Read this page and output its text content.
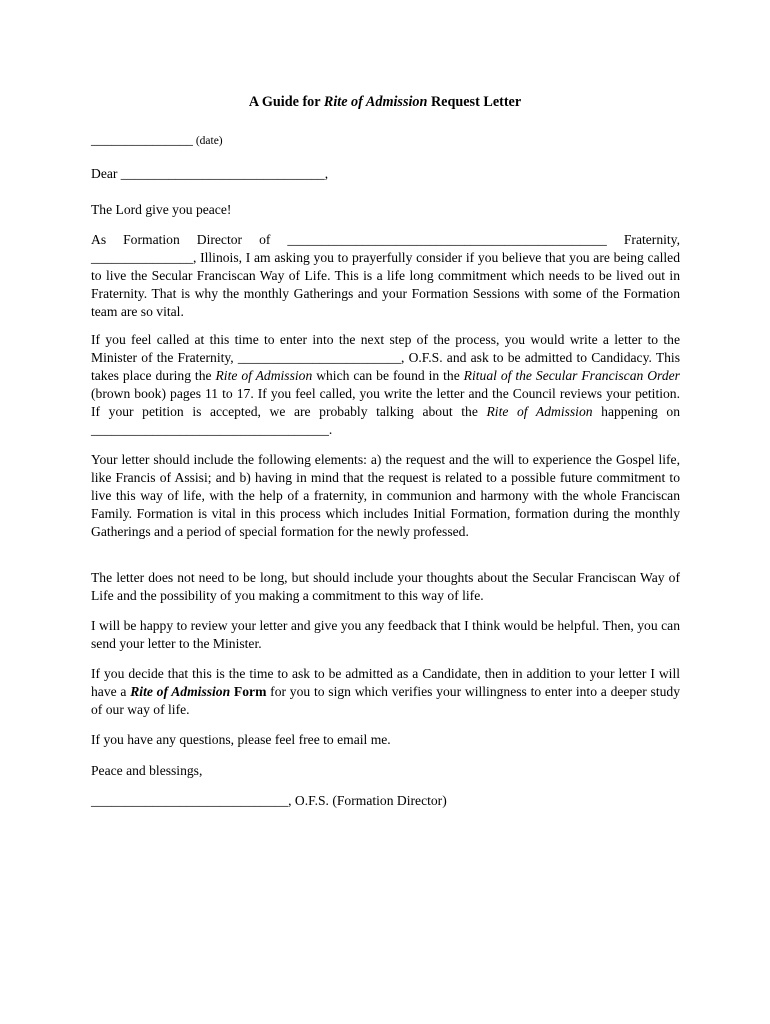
A Guide for Rite of Admission Request Letter
_______________ (date)
Dear ______________________________,
The Lord give you peace!

As Formation Director of _______________________________________________ Fraternity, _______________, Illinois, I am asking you to prayerfully consider if you believe that you are being called to live the Secular Franciscan Way of Life. This is a life long commitment which needs to be lived out in Fraternity. That is why the monthly Gatherings and your Formation Sessions with some of the Formation team are so vital.

If you feel called at this time to enter into the next step of the process, you would write a letter to the Minister of the Fraternity, ________________________, O.F.S. and ask to be admitted to Candidacy. This takes place during the Rite of Admission which can be found in the Ritual of the Secular Franciscan Order (brown book) pages 11 to 17. If you feel called, you write the letter and the Council reviews your petition. If your petition is accepted, we are probably talking about the Rite of Admission happening on ___________________________________.

Your letter should include the following elements: a) the request and the will to experience the Gospel life, like Francis of Assisi; and b) having in mind that the request is related to a possible future commitment to live this way of life, with the help of a fraternity, in communion and harmony with the whole Franciscan Family. Formation is vital in this process which includes Initial Formation, formation during the monthly Gatherings and a period of special formation for the newly professed.

The letter does not need to be long, but should include your thoughts about the Secular Franciscan Way of Life and the possibility of you making a commitment to this way of life.

I will be happy to review your letter and give you any feedback that I think would be helpful. Then, you can send your letter to the Minister.

If you decide that this is the time to ask to be admitted as a Candidate, then in addition to your letter I will have a Rite of Admission Form for you to sign which verifies your willingness to enter into a deeper study of our way of life.

If you have any questions, please feel free to email me.
Peace and blessings,
_____________________________, O.F.S. (Formation Director)
